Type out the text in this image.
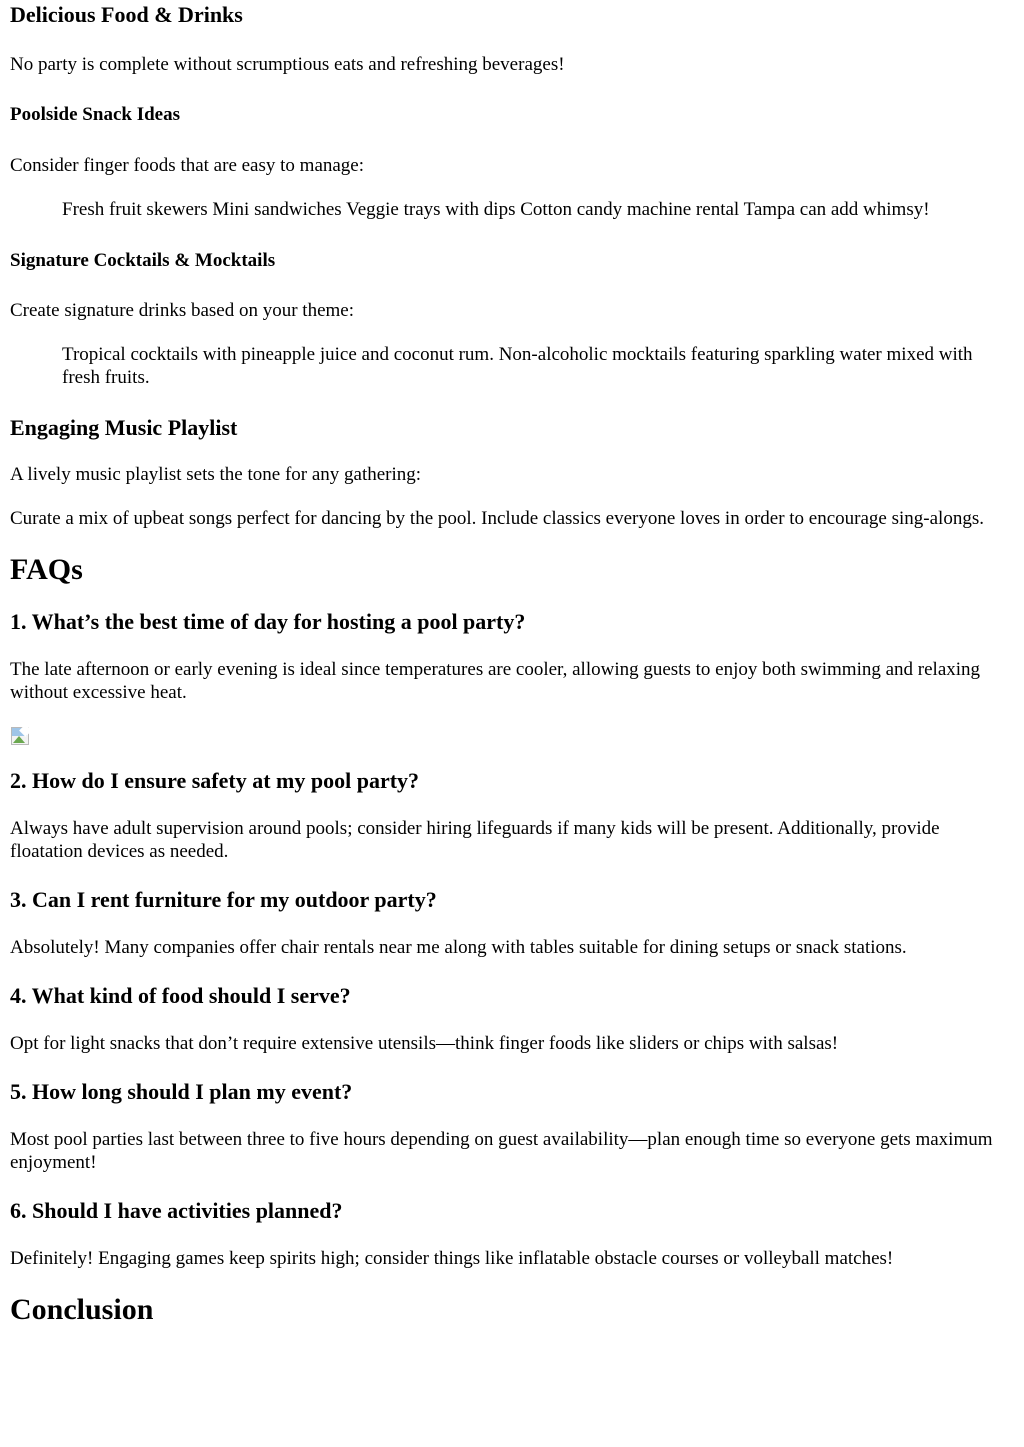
Delicious Food & Drinks

No party is complete without scrumptious eats and refreshing beverages!

Poolside Snack Ideas

Consider finger foods that are easy to manage:

Fresh fruit skewers Mini sandwiches Veggie trays with dips Cotton candy machine rental Tampa can add whimsy!
Signature Cocktails & Mocktails

Create signature drinks based on your theme:

Tropical cocktails with pineapple juice and coconut rum. Non-alcoholic mocktails featuring sparkling water mixed with fresh fruits.
Engaging Music Playlist

A lively music playlist sets the tone for any gathering:

Curate a mix of upbeat songs perfect for dancing by the pool. Include classics everyone loves in order to encourage sing-alongs.

FAQs
1. What’s the best time of day for hosting a pool party?

The late afternoon or early evening is ideal since temperatures are cooler, allowing guests to enjoy both swimming and relaxing without excessive heat.

2. How do I ensure safety at my pool party?

Always have adult supervision around pools; consider hiring lifeguards if many kids will be present. Additionally, provide floatation devices as needed.

3. Can I rent furniture for my outdoor party?

Absolutely! Many companies offer chair rentals near me along with tables suitable for dining setups or snack stations.

4. What kind of food should I serve?

Opt for light snacks that don’t require extensive utensils—think finger foods like sliders or chips with salsas!

5. How long should I plan my event?

Most pool parties last between three to five hours depending on guest availability—plan enough time so everyone gets maximum enjoyment!

6. Should I have activities planned?

Definitely! Engaging games keep spirits high; consider things like inflatable obstacle courses or volleyball matches!

Conclusion
